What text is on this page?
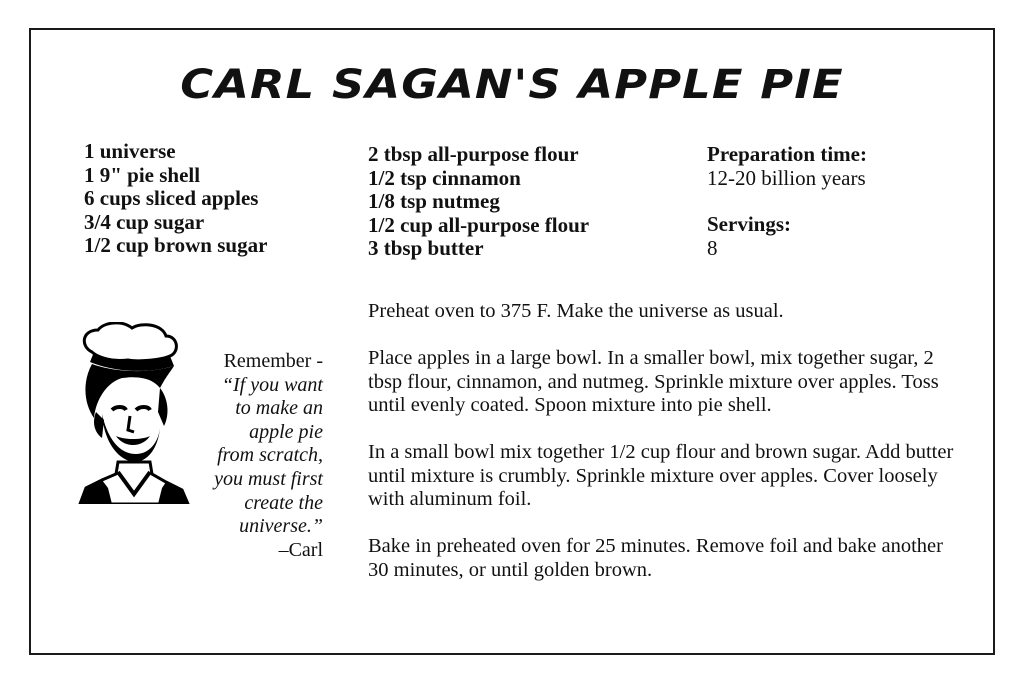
CARL SAGAN'S APPLE PIE
1 universe
1 9" pie shell
6 cups sliced apples
3/4 cup sugar
1/2 cup brown sugar
2 tbsp all-purpose flour
1/2 tsp cinnamon
1/8 tsp nutmeg
1/2 cup all-purpose flour
3 tbsp butter
Preparation time:
12-20 billion years
Servings:
8

Preheat oven to 375 F. Make the universe as usual.

Place apples in a large bowl. In a smaller bowl, mix together sugar, 2 tbsp flour, cinnamon, and nutmeg. Sprinkle mixture over apples. Toss until evenly coated. Spoon mixture into pie shell.

In a small bowl mix together 1/2 cup flour and brown sugar. Add butter until mixture is crumbly. Sprinkle mixture over apples. Cover loosely with aluminum foil.

Bake in preheated oven for 25 minutes. Remove foil and bake another 30 minutes, or until golden brown.

Remember -
“If you want
to make an
apple pie
from scratch,
you must first
create the
universe.”
–Carl
